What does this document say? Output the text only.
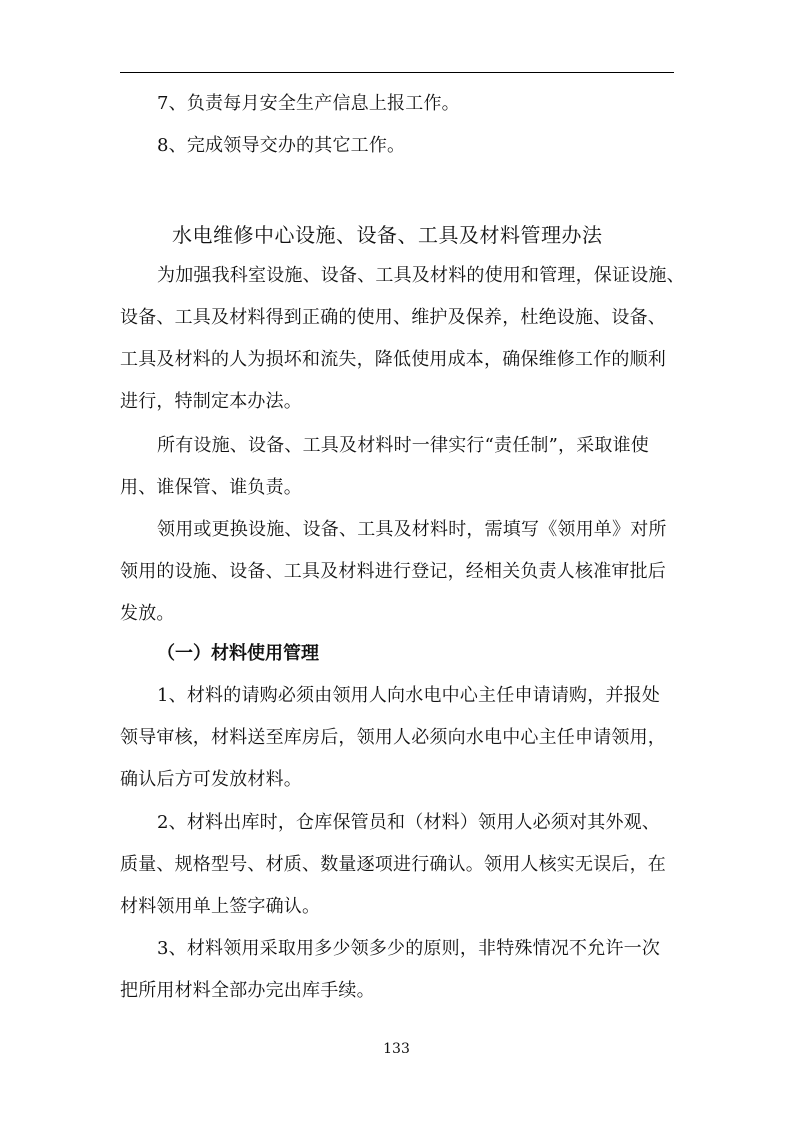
7、负责每月安全生产信息上报工作。
8、完成领导交办的其它工作。
水电维修中心设施、设备、工具及材料管理办法
为加强我科室设施、设备、工具及材料的使用和管理，保证设施、
设备、工具及材料得到正确的使用、维护及保养，杜绝设施、设备、
工具及材料的人为损坏和流失，降低使用成本，确保维修工作的顺利
进行，特制定本办法。
所有设施、设备、工具及材料时一律实行“责任制”，采取谁使
用、谁保管、谁负责。
领用或更换设施、设备、工具及材料时，需填写《领用单》对所
领用的设施、设备、工具及材料进行登记，经相关负责人核准审批后
发放。
（一）材料使用管理
1、材料的请购必须由领用人向水电中心主任申请请购，并报处
领导审核，材料送至库房后，领用人必须向水电中心主任申请领用，
确认后方可发放材料。
2、材料出库时，仓库保管员和（材料）领用人必须对其外观、
质量、规格型号、材质、数量逐项进行确认。领用人核实无误后，在
材料领用单上签字确认。
3、材料领用采取用多少领多少的原则，非特殊情况不允许一次
把所用材料全部办完出库手续。
133
